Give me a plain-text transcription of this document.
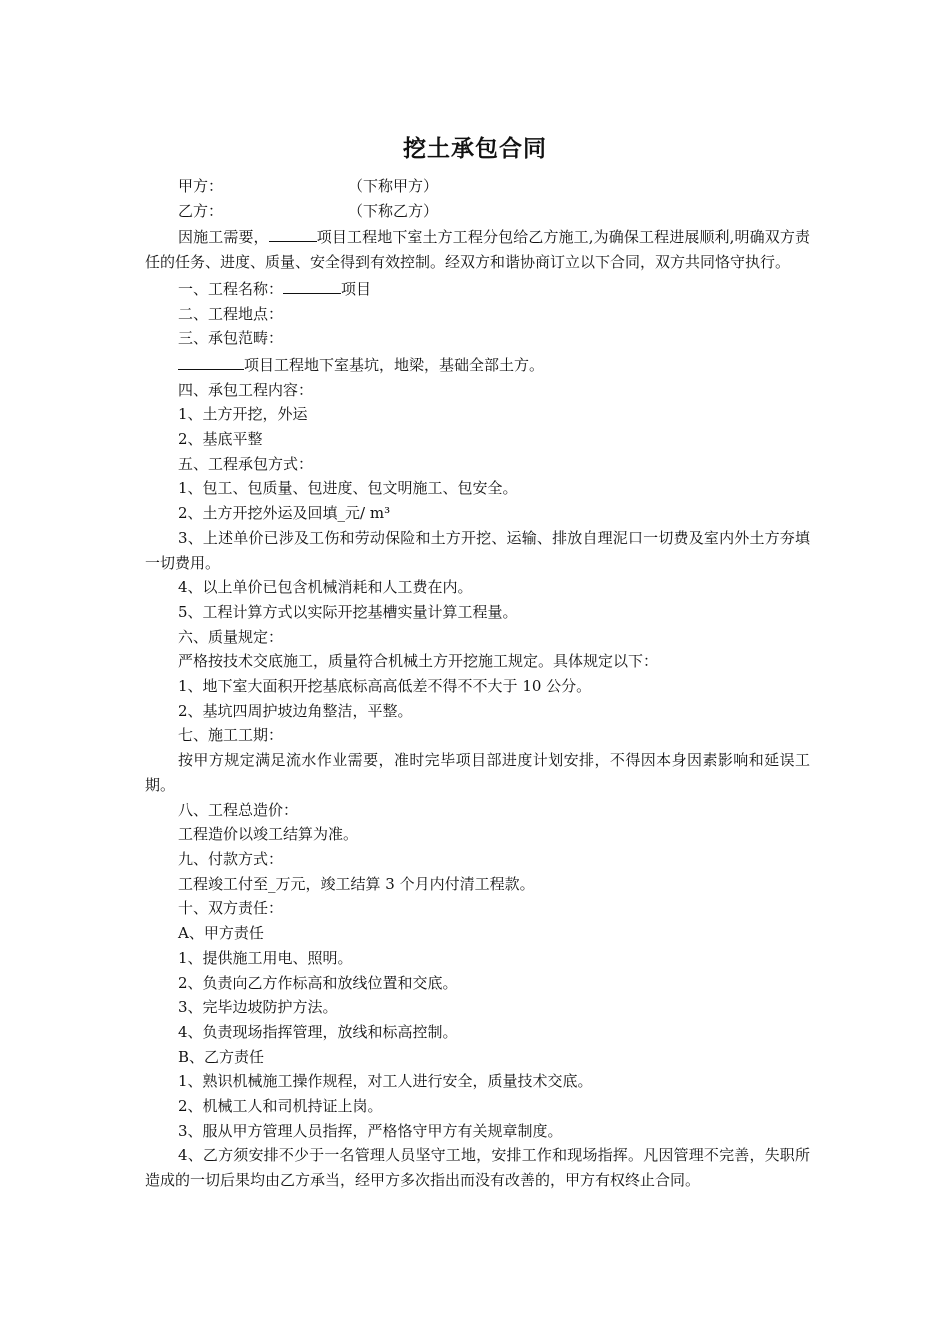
挖土承包合同
甲方：	（下称甲方）
乙方：	（下称乙方）

因施工需要，	项目工程地下室土方工程分包给乙方施工,为确保工程进展顺利,明确双方责任的任务、进度、质量、安全得到有效控制。经双方和谐协商订立以下合同，双方共同恪守执行。

一、工程名称：	项目

二、工程地点：

三、承包范畴：

项目工程地下室基坑，地梁，基础全部土方。

四、承包工程内容：

1、土方开挖，外运

2、基底平整

五、工程承包方式：

1、包工、包质量、包进度、包文明施工、包安全。

2、土方开挖外运及回填_元/ m³

3、上述单价已涉及工伤和劳动保险和土方开挖、运输、排放自理泥口一切费及室内外土方夯填一切费用。

4、以上单价已包含机械消耗和人工费在内。

5、工程计算方式以实际开挖基槽实量计算工程量。

六、质量规定：

严格按技术交底施工，质量符合机械土方开挖施工规定。具体规定以下：

1、地下室大面积开挖基底标高高低差不得不不大于 10 公分。

2、基坑四周护坡边角整洁，平整。

七、施工工期：

按甲方规定满足流水作业需要，准时完毕项目部进度计划安排，不得因本身因素影响和延误工期。

八、工程总造价：

工程造价以竣工结算为准。

九、付款方式：

工程竣工付至_万元，竣工结算 3 个月内付清工程款。

十、双方责任：

A、甲方责任

1、提供施工用电、照明。

2、负责向乙方作标高和放线位置和交底。

3、完毕边坡防护方法。

4、负责现场指挥管理，放线和标高控制。

B、乙方责任

1、熟识机械施工操作规程，对工人进行安全，质量技术交底。

2、机械工人和司机持证上岗。

3、服从甲方管理人员指挥，严格恪守甲方有关规章制度。

4、乙方须安排不少于一名管理人员坚守工地，安排工作和现场指挥。凡因管理不完善，失职所造成的一切后果均由乙方承当，经甲方多次指出而没有改善的，甲方有权终止合同。
